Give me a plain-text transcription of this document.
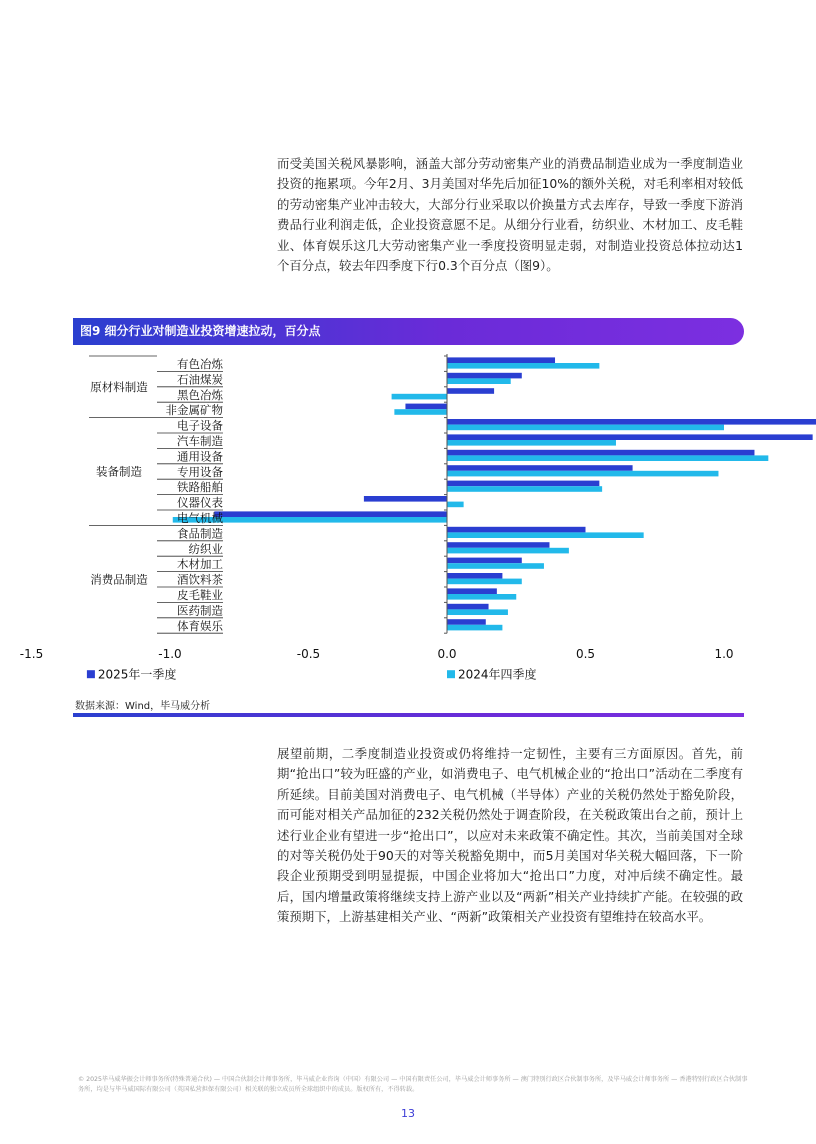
而受美国关税风暴影响，涵盖大部分劳动密集产业的消费品制造业成为一季度制造业投资的拖累项。今年2月、3月美国对华先后加征10%的额外关税，对毛利率相对较低的劳动密集产业冲击较大，大部分行业采取以价换量方式去库存，导致一季度下游消费品行业利润走低，企业投资意愿不足。从细分行业看，纺织业、木材加工、皮毛鞋业、体育娱乐这几大劳动密集产业一季度投资明显走弱，对制造业投资总体拉动达1个百分点，较去年四季度下行0.3个百分点（图9）。

图9 细分行业对制造业投资增速拉动，百分点
有色冶炼
石油煤炭
黑色冶炼
非金属矿物
电子设备
汽车制造
通用设备
专用设备
铁路船舶
仪器仪表
电气机械
食品制造
纺织业
木材加工
酒饮料茶
皮毛鞋业
医药制造
体育娱乐
原材料制造
装备制造
消费品制造
-1.5	-1.0	-0.5	0.0	0.5	1.0
2025年一季度	2024年四季度
数据来源：Wind，毕马威分析

展望前期，二季度制造业投资或仍将维持一定韧性，主要有三方面原因。首先，前期“抢出口”较为旺盛的产业，如消费电子、电气机械企业的“抢出口”活动在二季度有所延续。目前美国对消费电子、电气机械（半导体）产业的关税仍然处于豁免阶段，而可能对相关产品加征的232关税仍然处于调查阶段，在关税政策出台之前，预计上述行业企业有望进一步“抢出口”，以应对未来政策不确定性。其次，当前美国对全球的对等关税仍处于90天的对等关税豁免期中，而5月美国对华关税大幅回落，下一阶段企业预期受到明显提振，中国企业将加大“抢出口”力度，对冲后续不确定性。最后，国内增量政策将继续支持上游产业以及“两新”相关产业持续扩产能。在较强的政策预期下，上游基建相关产业、“两新”政策相关产业投资有望维持在较高水平。

© 2025毕马威华振会计师事务所(特殊普通合伙) — 中国合伙制会计师事务所，毕马威企业咨询（中国）有限公司 — 中国有限责任公司，毕马威会计师事务所 — 澳门特别行政区合伙制事务所，及毕马威会计师事务所 — 香港特别行政区合伙制事务所，均是与毕马威国际有限公司（英国私营担保有限公司）相关联的独立成员所全球组织中的成员。版权所有，不得转载。

13
